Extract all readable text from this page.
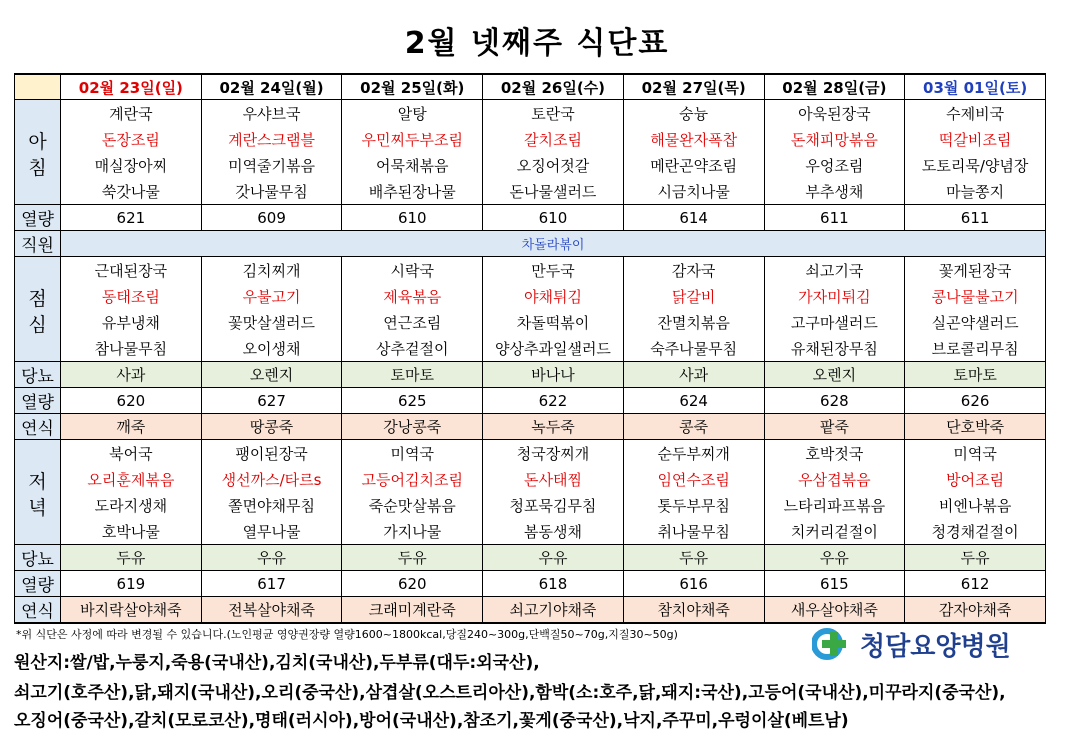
2월 넷째주 식단표
	02월 23일(일)	02월 24일(월)	02월 25일(화)	02월 26일(수)	02월 27일(목)	02월 28일(금)	03월 01일(토)

아
침	계란국	우샤브국	알탕	토란국	숭늉	아욱된장국	수제비국
	돈장조림	계란스크램블	우민찌두부조림	갈치조림	해물완자폭찹	돈채피망볶음	떡갈비조림
	매실장아찌	미역줄기볶음	어묵채볶음	오징어젓갈	메란곤약조림	우엉조림	도토리묵/양념장
	쑥갓나물	갓나물무침	배추된장나물	돈나물샐러드	시금치나물	부추생채	마늘쫑지
열량	621	609	610	610	614	611	611
직원	차돌라볶이						

점
심	근대된장국	김치찌개	시락국	만두국	감자국	쇠고기국	꽃게된장국
	동태조림	우불고기	제육볶음	야채튀김	닭갈비	가자미튀김	콩나물불고기
	유부냉채	꽃맛살샐러드	연근조림	차돌떡볶이	잔멸치볶음	고구마샐러드	실곤약샐러드
	참나물무침	오이생채	상추겉절이	양상추과일샐러드	숙주나물무침	유채된장무침	브로콜리무침
당뇨	사과	오렌지	토마토	바나나	사과	오렌지	토마토
열량	620	627	625	622	624	628	626
연식	깨죽	땅콩죽	강낭콩죽	녹두죽	콩죽	팥죽	단호박죽

저
녁	북어국	팽이된장국	미역국	청국장찌개	순두부찌개	호박젓국	미역국
	오리훈제볶음	생선까스/타르s	고등어김치조림	돈사태찜	임연수조림	우삼겹볶음	방어조림
	도라지생채	쫄면야채무침	죽순맛살볶음	청포묵김무침	톳두부무침	느타리파프볶음	비엔나볶음
	호박나물	열무나물	가지나물	봄동생채	취나물무침	치커리겉절이	청경채겉절이
당뇨	두유	우유	두유	우유	두유	우유	두유
열량	619	617	620	618	616	615	612
연식	바지락살야채죽	전복살야채죽	크래미계란죽	쇠고기야채죽	참치야채죽	새우살야채죽	감자야채죽
*위 식단은 사정에 따라 변경될 수 있습니다.(노인평균 영양권장량 열량1600~1800kcal,당질240~300g,단백질50~70g,지질30~50g)	청담요양병원
원산지:쌀/밥,누룽지,죽용(국내산),김치(국내산),두부류(대두:외국산),
쇠고기(호주산),닭,돼지(국내산),오리(중국산),삼겹살(오스트리아산),함박(소:호주,닭,돼지:국산),고등어(국내산),미꾸라지(중국산),
오징어(중국산),갈치(모로코산),명태(러시아),방어(국내산),참조기,꽃게(중국산),낙지,주꾸미,우렁이살(베트남)
